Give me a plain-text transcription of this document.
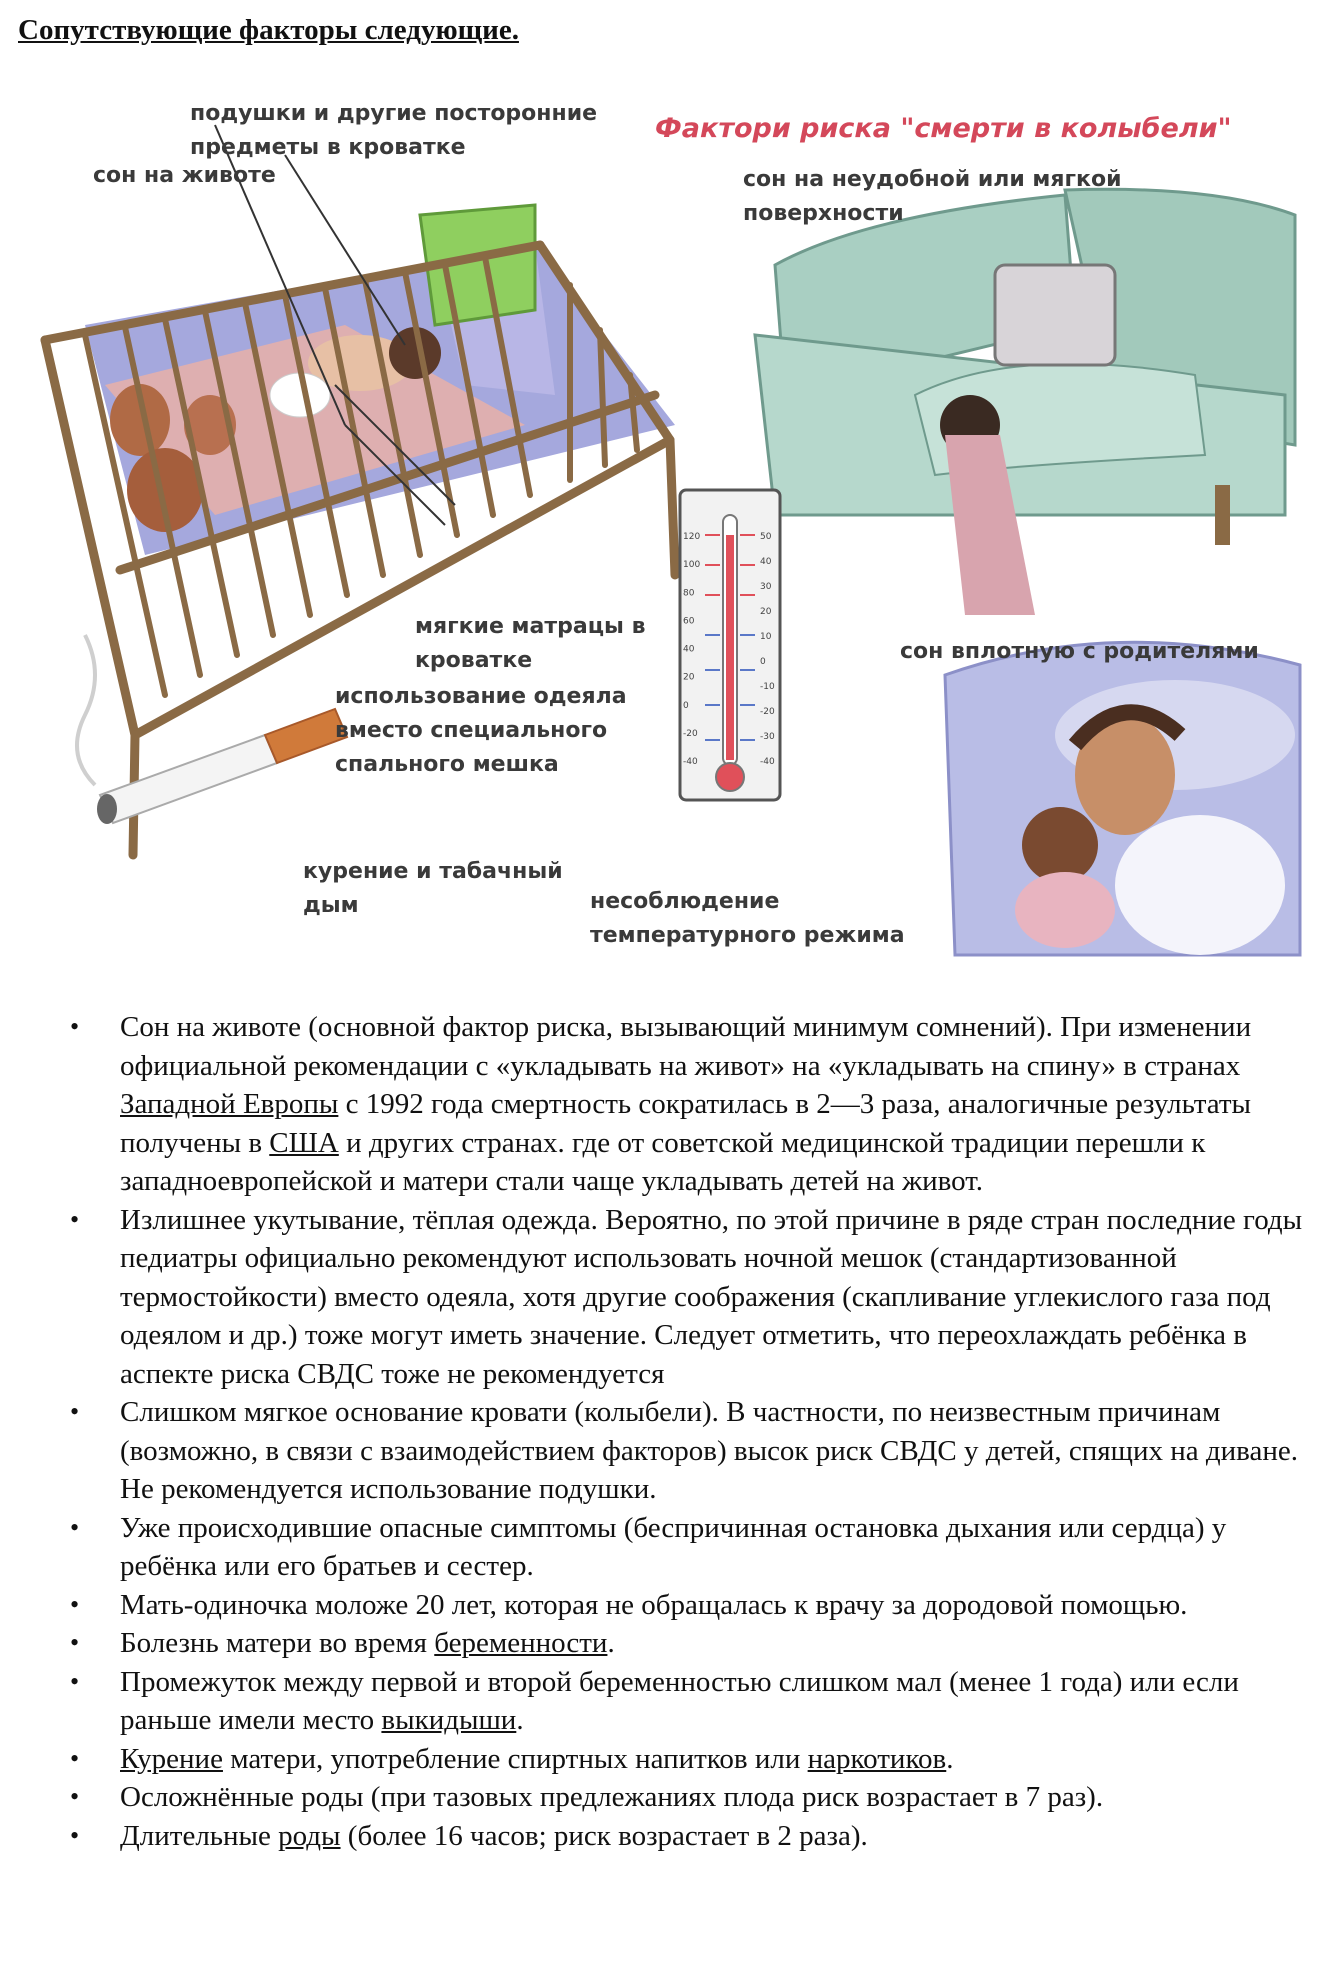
Сопутствующие факторы следующие.
50
40
30
20
10
0
-10
-20
-30
-40
120
100
80
60
40
20
0
-20
-40
Фактори риска "смерти в колыбели"
подушки и другие посторонние
предметы в кроватке
сон на животе	сон на неудобной или мягкой
поверхности
мягкие матрацы в
кроватке
использование одеяла
вместо специального
спального мешка
сон вплотную с родителями
курение и табачный
дым	несоблюдение
температурного режима
• Сон на животе (основной фактор риска, вызывающий минимум сомнений). При изменении официальной рекомендации с «укладывать на живот» на «укладывать на спину» в странах Западной Европы с 1992 года смертность сократилась в 2—3 раза, аналогичные результаты получены в США и других странах. где от советской медицинской традиции перешли к западноевропейской и матери стали чаще укладывать детей на живот.
• Излишнее укутывание, тёплая одежда. Вероятно, по этой причине в ряде стран последние годы педиатры официально рекомендуют использовать ночной мешок (стандартизованной термостойкости) вместо одеяла, хотя другие соображения (скапливание углекислого газа под одеялом и др.) тоже могут иметь значение. Следует отметить, что переохлаждать ребёнка в аспекте риска СВДС тоже не рекомендуется
• Слишком мягкое основание кровати (колыбели). В частности, по неизвестным причинам (возможно, в связи с взаимодействием факторов) высок риск СВДС у детей, спящих на диване. Не рекомендуется использование подушки.
• Уже происходившие опасные симптомы (беспричинная остановка дыхания или сердца) у ребёнка или его братьев и сестер.
• Мать-одиночка моложе 20 лет, которая не обращалась к врачу за дородовой помощью.
• Болезнь матери во время беременности.
• Промежуток между первой и второй беременностью слишком мал (менее 1 года) или если раньше имели место выкидыши.
• Курение матери, употребление спиртных напитков или наркотиков.
• Осложнённые роды (при тазовых предлежаниях плода риск возрастает в 7 раз).
• Длительные роды (более 16 часов; риск возрастает в 2 раза).
